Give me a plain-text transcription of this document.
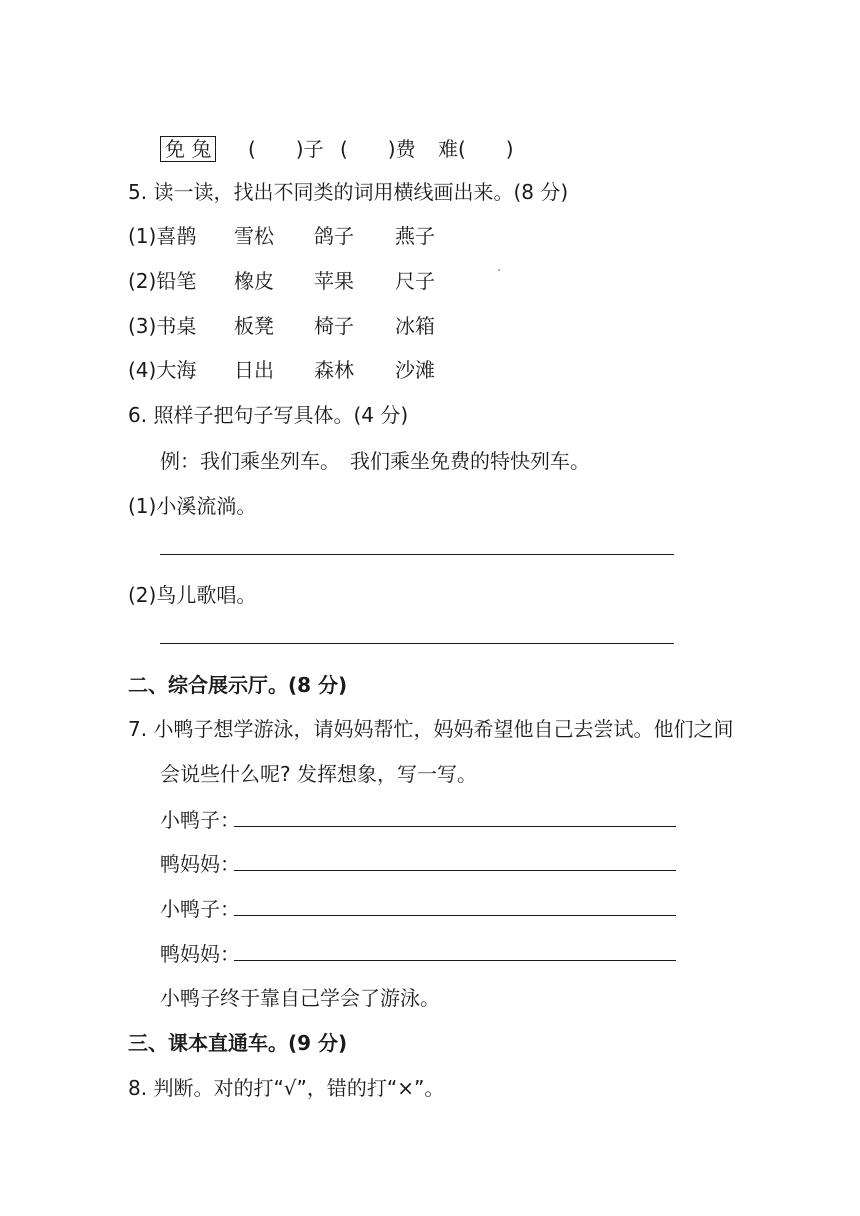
免 兔 (　　)子 (　　)费 难(　　)
5. 读一读，找出不同类的词用横线画出来。(8 分)
(1)喜鹊 雪松 鸽子 燕子
(2)铅笔 橡皮 苹果 尺子
(3)书桌 板凳 椅子 冰箱
(4)大海 日出 森林 沙滩
6. 照样子把句子写具体。(4 分)
例：我们乘坐列车。　我们乘坐免费的特快列车。
(1)小溪流淌。
(2)鸟儿歌唱。
二、综合展示厅。(8 分)
7. 小鸭子想学游泳，请妈妈帮忙，妈妈希望他自己去尝试。他们之间
会说些什么呢? 发挥想象，写一写。
小鸭子：
鸭妈妈：
小鸭子：
鸭妈妈：
小鸭子终于靠自己学会了游泳。
三、课本直通车。(9 分)
8. 判断。对的打“√”，错的打“×”。
